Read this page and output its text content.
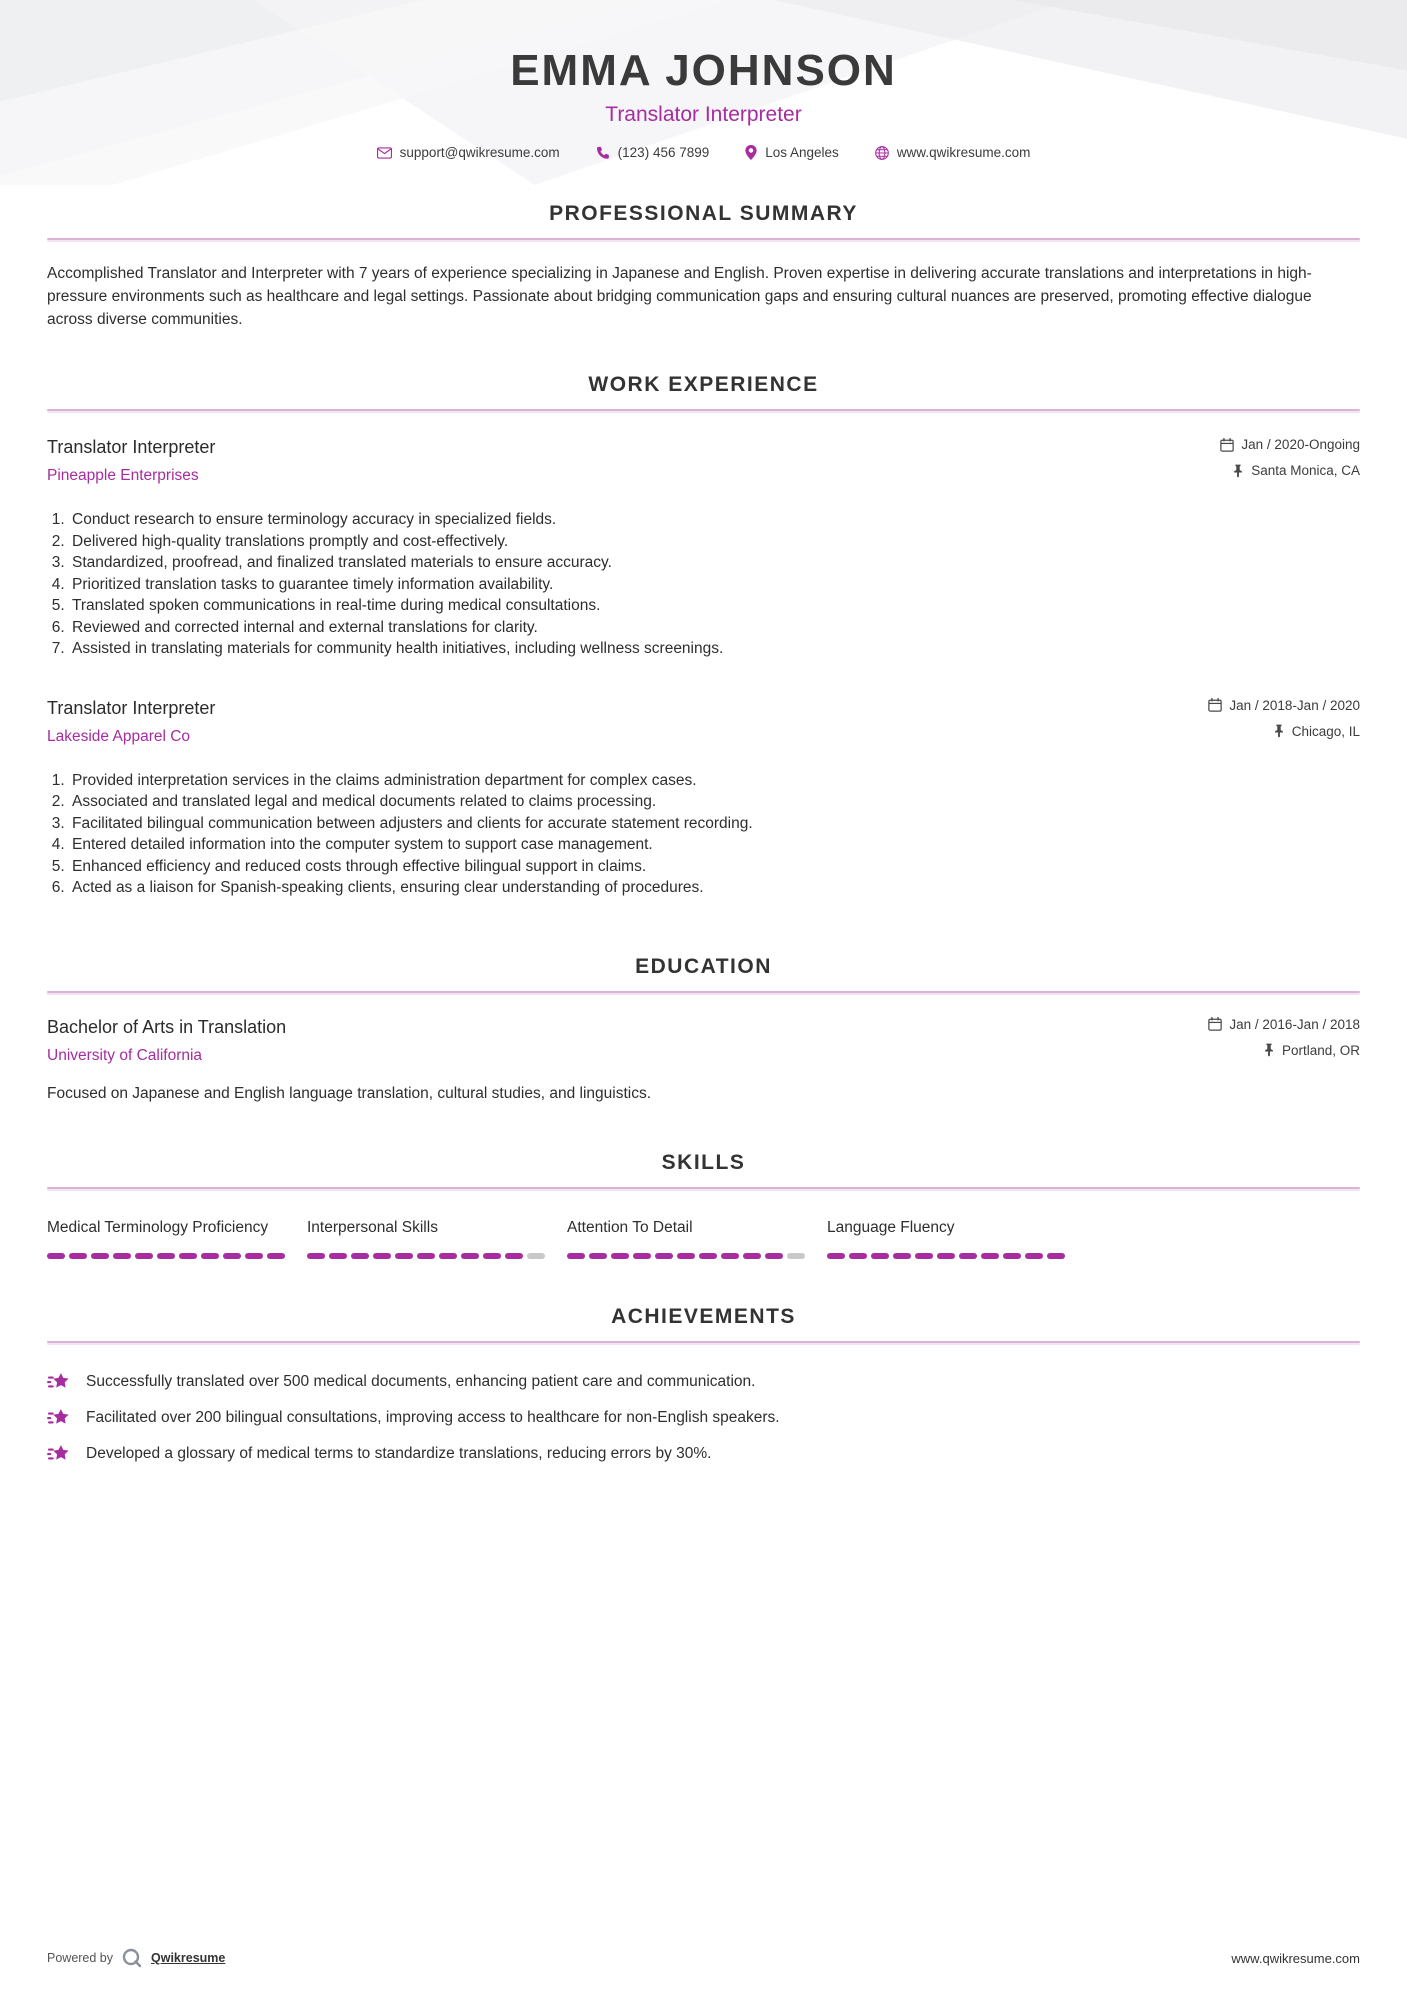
EMMA JOHNSON
Translator Interpreter
support@qwikresume.com	(123) 456 7899	Los Angeles	www.qwikresume.com
PROFESSIONAL SUMMARY

Accomplished Translator and Interpreter with 7 years of experience specializing in Japanese and English. Proven expertise in delivering accurate translations and interpretations in high-pressure environments such as healthcare and legal settings. Passionate about bridging communication gaps and ensuring cultural nuances are preserved, promoting effective dialogue across diverse communities.

WORK EXPERIENCE
Translator Interpreter
Pineapple Enterprises
Jan / 2020-Ongoing
Santa Monica, CA
1. Conduct research to ensure terminology accuracy in specialized fields.
2. Delivered high-quality translations promptly and cost-effectively.
3. Standardized, proofread, and finalized translated materials to ensure accuracy.
4. Prioritized translation tasks to guarantee timely information availability.
5. Translated spoken communications in real-time during medical consultations.
6. Reviewed and corrected internal and external translations for clarity.
7. Assisted in translating materials for community health initiatives, including wellness screenings.
Translator Interpreter
Lakeside Apparel Co
Jan / 2018-Jan / 2020
Chicago, IL
1. Provided interpretation services in the claims administration department for complex cases.
2. Associated and translated legal and medical documents related to claims processing.
3. Facilitated bilingual communication between adjusters and clients for accurate statement recording.
4. Entered detailed information into the computer system to support case management.
5. Enhanced efficiency and reduced costs through effective bilingual support in claims.
6. Acted as a liaison for Spanish-speaking clients, ensuring clear understanding of procedures.
EDUCATION
Bachelor of Arts in Translation
University of California
Jan / 2016-Jan / 2018
Portland, OR

Focused on Japanese and English language translation, cultural studies, and linguistics.

SKILLS
Medical Terminology Proficiency	Interpersonal Skills	Attention To Detail	Language Fluency
ACHIEVEMENTS
Successfully translated over 500 medical documents, enhancing patient care and communication.
Facilitated over 200 bilingual consultations, improving access to healthcare for non-English speakers.
Developed a glossary of medical terms to standardize translations, reducing errors by 30%.
Powered by	Qwikresume	www.qwikresume.com
